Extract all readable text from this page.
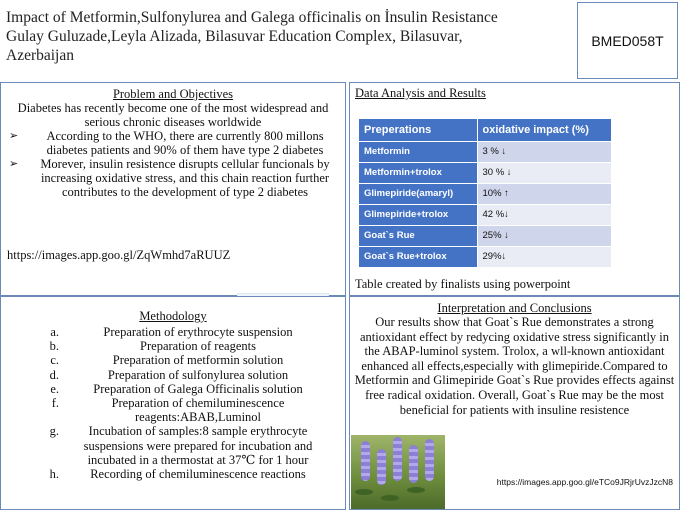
Impact of Metformin,Sulfonylurea and Galega officinalis on İnsulin Resistance
Gulay Guluzade,Leyla Alizada, Bilasuvar Education Complex, Bilasuvar,
Azerbaijan
BMED058T
Problem and Objectives
Diabetes has recently become one of the most widespread and serious chronic diseases worldwide
➢	According to the WHO, there are currently 800 millons diabetes patients and 90% of them have type 2 diabetes
➢	Morever, insulin resistence disrupts cellular funcionals by increasing oxidative stress, and this chain reaction further contributes to the development of type 2 diabetes
https://images.app.goo.gl/ZqWmhd7aRUUZ
Data Analysis and Results
Preperations	oxidative impact (%)
Metformin	3 % ↓
Metformin+trolox	30 % ↓
Glimepiride(amaryl)	10% ↑
Glimepiride+trolox	42 %↓
Goat`s Rue	25% ↓
Goat`s Rue+trolox	29%↓
Table created by finalists using powerpoint
Methodology
a.	Preparation of erythrocyte suspension
b.	Preparation of reagents
c.	Preparation of metformin solution
d.	Preparation of sulfonylurea solution
e.	Preparation of Galega Officinalis solution
f.	Preparation of chemiluminescence reagents:ABAB,Luminol
g.	Incubation of samples:8 sample erythrocyte suspensions were prepared for incubation and incubated in a thermostat at 37℃ for 1 hour
h.	Recording of chemiluminescence reactions
Interpretation and Conclusions
Our results show that Goat`s Rue demonstrates a strong antioxidant effect by redycing oxidative stress significantly in the ABAP-luminol system. Trolox, a wll-known antioxidant enhanced all effects,especially with glimepiride.Compared to Metformin and Glimepiride Goat`s Rue provides effects against free radical oxidation. Overall, Goat`s Rue may be the most beneficial for patients with insuline resistence
https://images.app.goo.gl/eTCo9JRjrUvzJzcN8
